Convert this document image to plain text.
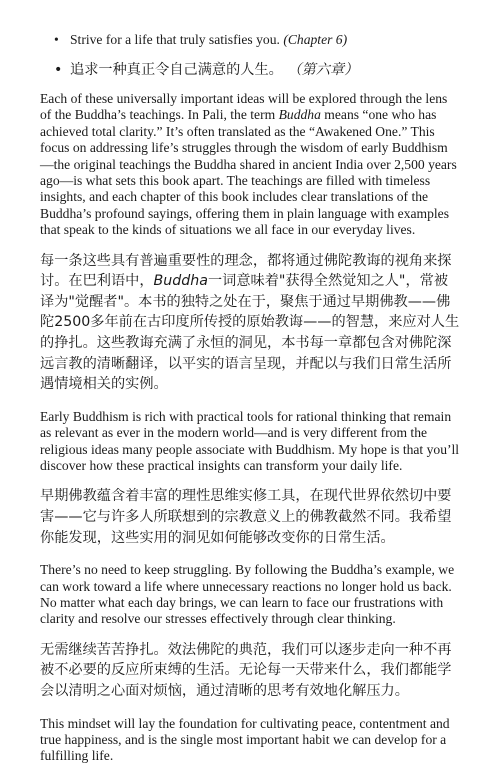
• Strive for a life that truly satisfies you. (Chapter 6)
• 追求一种真正令自己满意的人生。 （第六章）

Each of these universally important ideas will be explored through the lens of the Buddha’s teachings. In Pali, the term Buddha means “one who has achieved total clarity.” It’s often translated as the “Awakened One.” This focus on addressing life’s struggles through the wisdom of early Buddhism—the original teachings the Buddha shared in ancient India over 2,500 years ago—is what sets this book apart. The teachings are filled with timeless insights, and each chapter of this book includes clear translations of the Buddha’s profound sayings, offering them in plain language with examples that speak to the kinds of situations we all face in our everyday lives.

每一条这些具有普遍重要性的理念，都将通过佛陀教诲的视角来探讨。在巴利语中，Buddha一词意味着"获得全然觉知之人"，常被译为"觉醒者"。本书的独特之处在于，聚焦于通过早期佛教——佛陀2500多年前在古印度所传授的原始教诲——的智慧，来应对人生的挣扎。这些教诲充满了永恒的洞见，本书每一章都包含对佛陀深远言教的清晰翻译，以平实的语言呈现，并配以与我们日常生活所遇情境相关的实例。

Early Buddhism is rich with practical tools for rational thinking that remain as relevant as ever in the modern world—and is very different from the religious ideas many people associate with Buddhism. My hope is that you’ll discover how these practical insights can transform your daily life.

早期佛教蕴含着丰富的理性思维实修工具，在现代世界依然切中要害——它与许多人所联想到的宗教意义上的佛教截然不同。我希望你能发现，这些实用的洞见如何能够改变你的日常生活。

There’s no need to keep struggling. By following the Buddha’s example, we can work toward a life where unnecessary reactions no longer hold us back. No matter what each day brings, we can learn to face our frustrations with clarity and resolve our stresses effectively through clear thinking.

无需继续苦苦挣扎。效法佛陀的典范，我们可以逐步走向一种不再被不必要的反应所束缚的生活。无论每一天带来什么，我们都能学会以清明之心面对烦恼，通过清晰的思考有效地化解压力。

This mindset will lay the foundation for cultivating peace, contentment and true happiness, and is the single most important habit we can develop for a fulfilling life.
